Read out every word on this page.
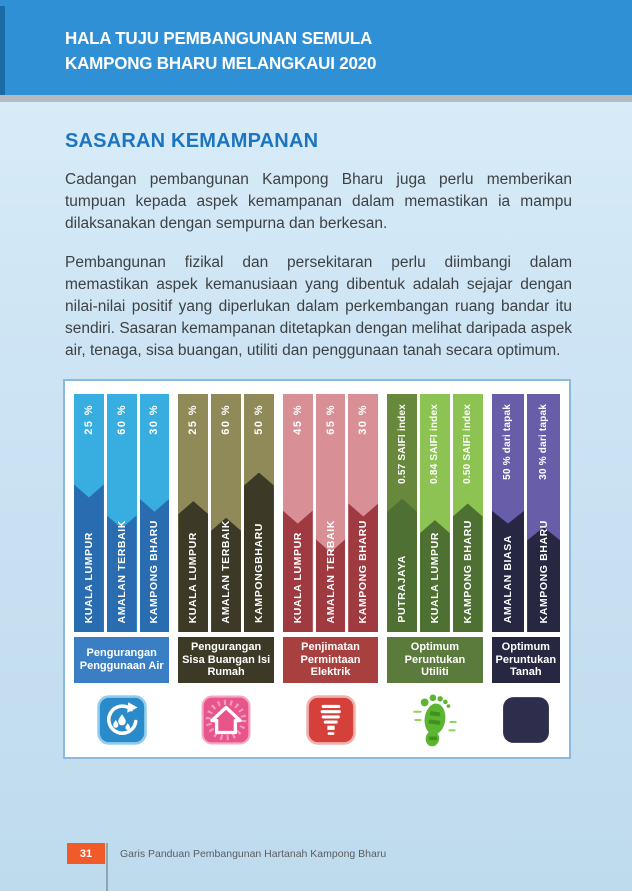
HALA TUJU PEMBANGUNAN SEMULA
KAMPONG BHARU MELANGKAUI 2020
SASARAN KEMAMPANAN

Cadangan pembangunan Kampong Bharu juga perlu memberikan tumpuan kepada aspek kemampanan dalam memastikan ia mampu dilaksanakan dengan sempurna dan berkesan.

Pembangunan fizikal dan persekitaran perlu diimbangi dalam memastikan aspek kemanusiaan yang dibentuk adalah sejajar dengan nilai-nilai positif yang diperlukan dalam perkembangan ruang bandar itu sendiri. Sasaran kemampanan ditetapkan dengan melihat daripada aspek air, tenaga, sisa buangan, utiliti dan penggunaan tanah secara optimum.

25 %
KUALA LUMPUR
60 %
AMALAN TERBAIK
30 %
KAMPONG BHARU
Pengurangan Penggunaan Air
25 %
KUALA LUMPUR
60 %
AMALAN TERBAIK
50 %
KAMPONGBHARU
Pengurangan Sisa Buangan Isi Rumah
45 %
KUALA LUMPUR
65 %
AMALAN TERBAIK
30 %
KAMPONG BHARU
Penjimatan Permintaan Elektrik
0.57 SAIFI index
PUTRAJAYA
0.84 SAIFI index
KUALA LUMPUR
0.50 SAIFI index
KAMPONG BHARU
Optimum Peruntukan Utiliti
50 % dari tapak
AMALAN BIASA
30 % dari tapak
KAMPONG BHARU
Optimum Peruntukan Tanah
31	Garis Panduan Pembangunan Hartanah Kampong Bharu
